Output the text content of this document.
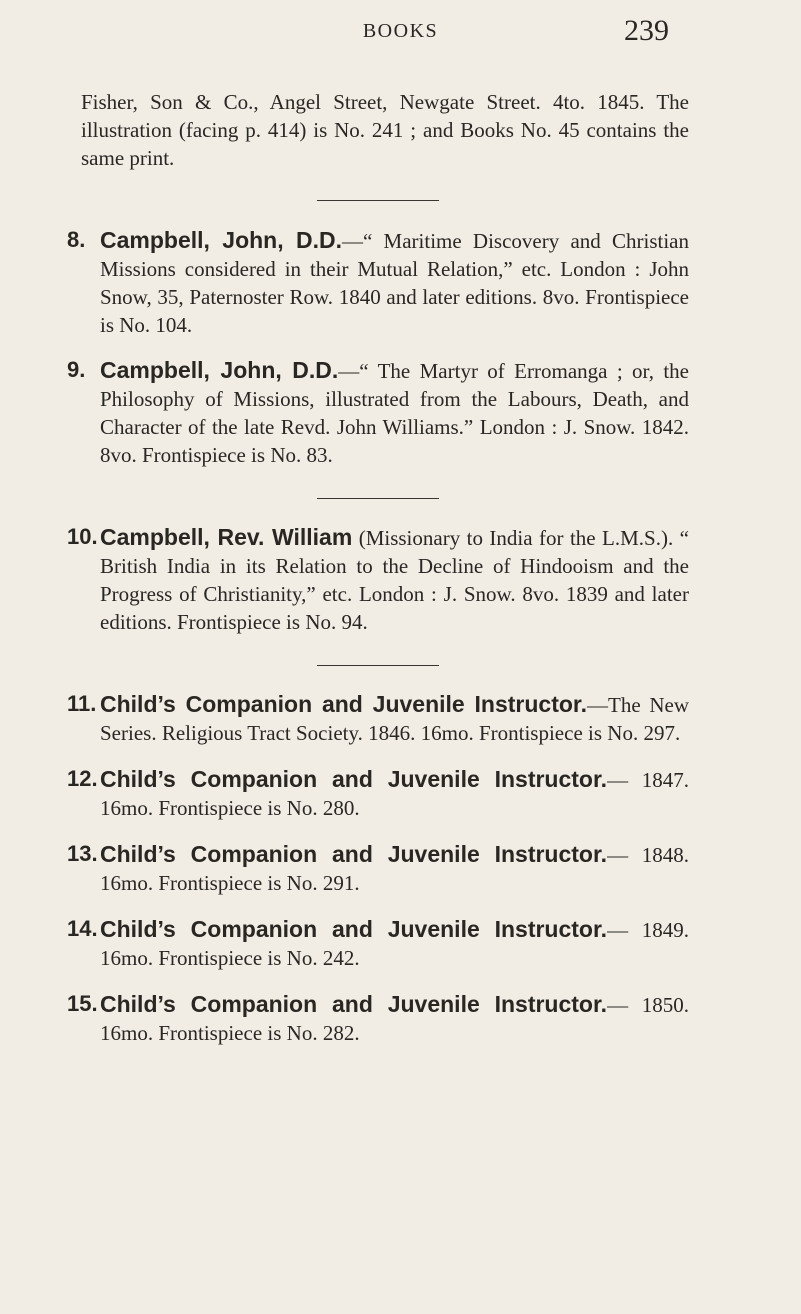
BOOKS	239

Fisher, Son & Co., Angel Street, Newgate Street. 4to. 1845. The illustration (facing p. 414) is No. 241 ; and Books No. 45 contains the same print.

8. Campbell, John, D.D.—“ Maritime Discovery and Christian Missions considered in their Mutual Relation,” etc. London : John Snow, 35, Paternoster Row. 1840 and later editions. 8vo. Frontispiece is No. 104.

9. Campbell, John, D.D.—“ The Martyr of Erromanga ; or, the Philosophy of Missions, illustrated from the Labours, Death, and Character of the late Revd. John Williams.” London : J. Snow. 1842. 8vo. Frontispiece is No. 83.

10. Campbell, Rev. William (Missionary to India for the L.M.S.). “ British India in its Relation to the Decline of Hindooism and the Progress of Christianity,” etc. London : J. Snow. 8vo. 1839 and later editions. Frontispiece is No. 94.

11. Child’s Companion and Juvenile Instructor.—The New Series. Religious Tract Society. 1846. 16mo. Frontispiece is No. 297.

12. Child’s Companion and Juvenile Instructor.— 1847. 16mo. Frontispiece is No. 280.

13. Child’s Companion and Juvenile Instructor.— 1848. 16mo. Frontispiece is No. 291.

14. Child’s Companion and Juvenile Instructor.— 1849. 16mo. Frontispiece is No. 242.

15. Child’s Companion and Juvenile Instructor.— 1850. 16mo. Frontispiece is No. 282.
